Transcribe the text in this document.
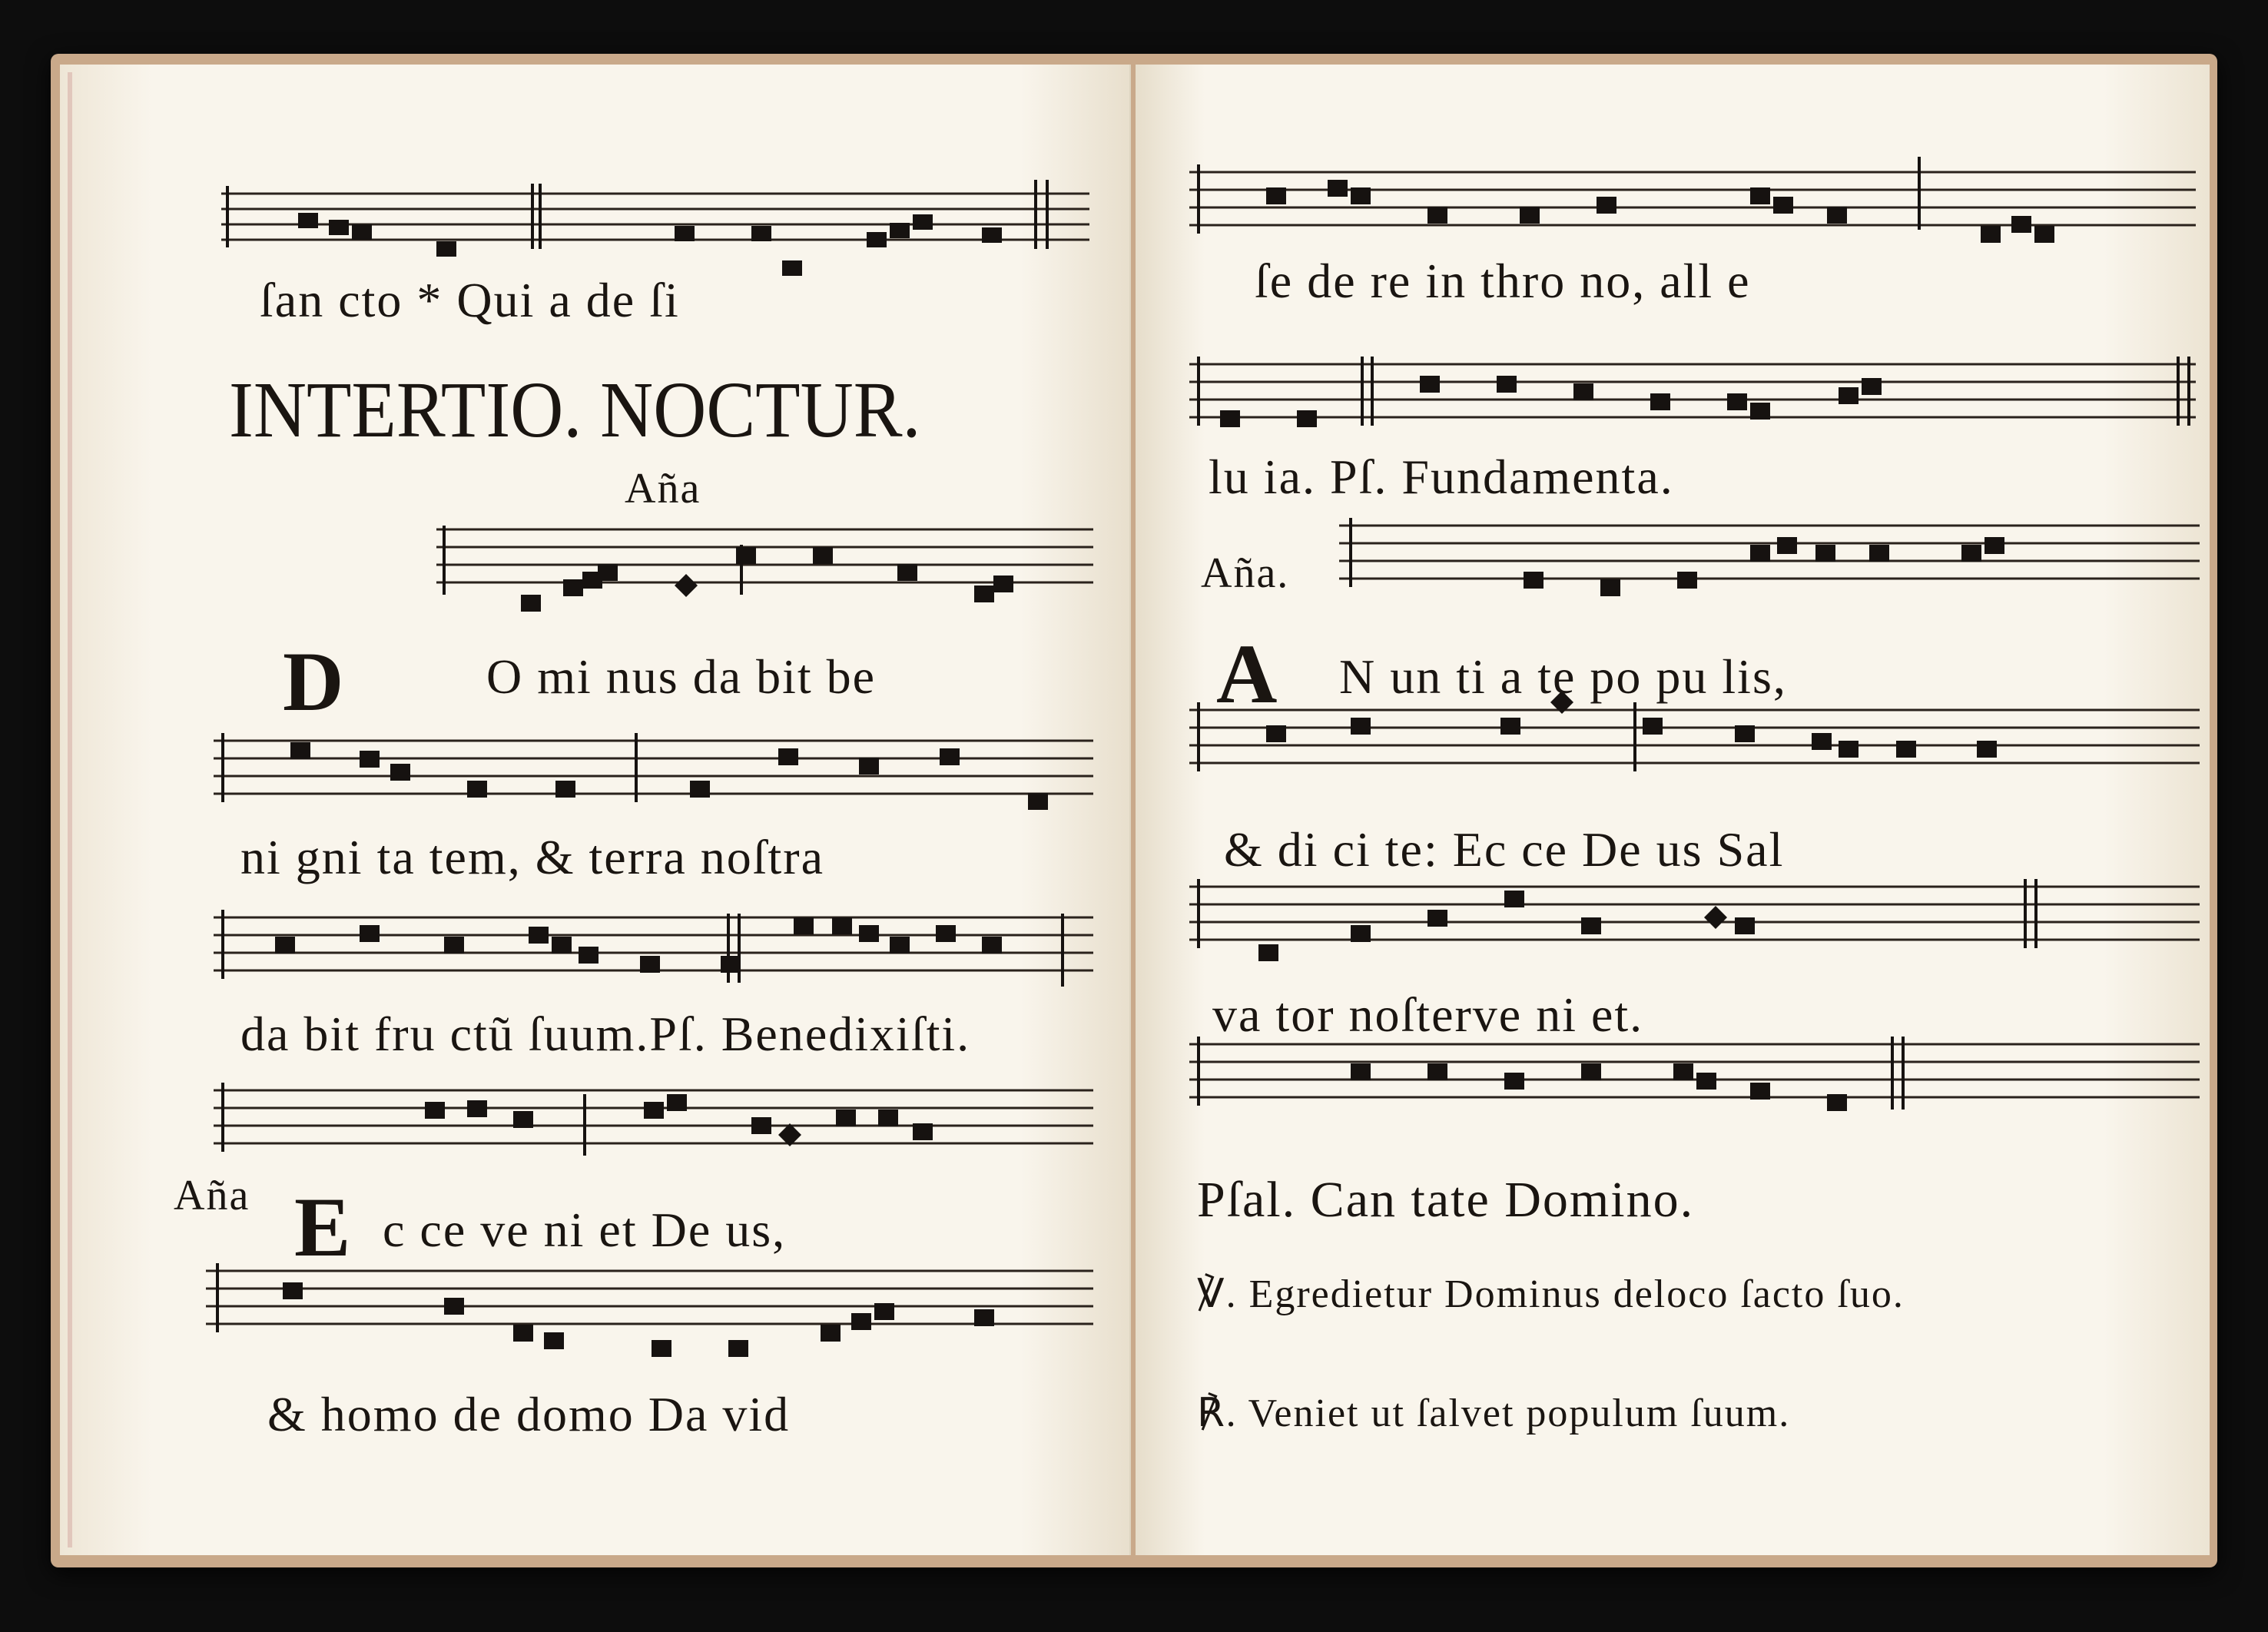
ſan cto * Qui a de ſi
INTERTIO. NOCTUR.
Aña
D	O mi nus da bit be
ni gni ta tem, & terra noſtra
da bit fru ctũ ſuum.Pſ. Benedixiſti.
Aña E c ce ve ni et De us,
& homo de domo Da vid
ſe de re in thro no, all e
lu ia. Pſ. Fundamenta.
Aña.
A N un ti a te po pu lis,
& di ci te: Ec ce De us Sal
va tor noſterve ni et.
Pſal. Can tate Domino.
℣. Egredietur Dominus deloco ſacto ſuo.
℟. Veniet ut ſalvet populum ſuum.
